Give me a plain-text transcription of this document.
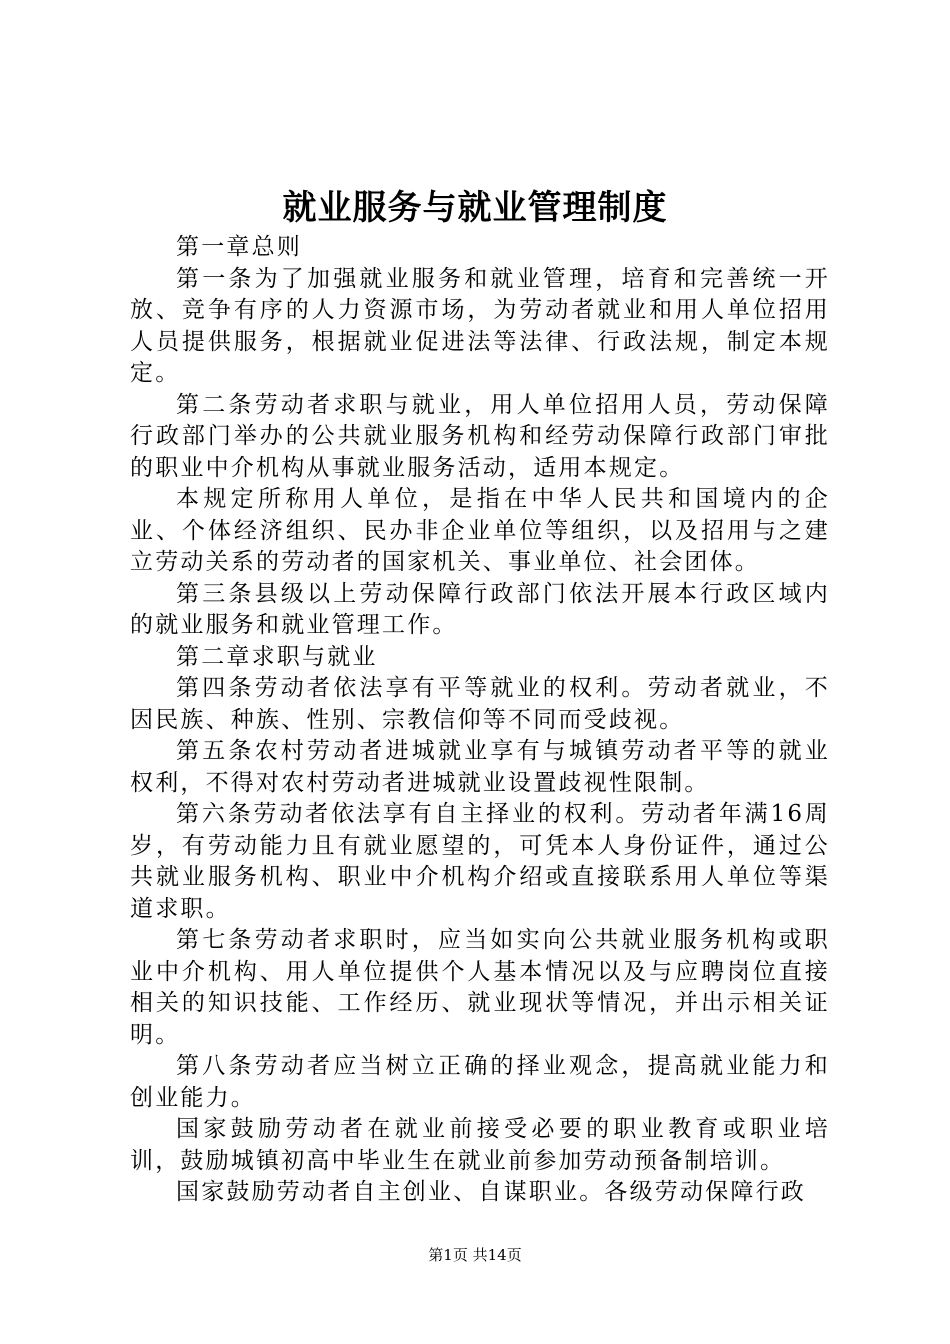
就业服务与就业管理制度

第一章总则

第一条为了加强就业服务和就业管理，培育和完善统一开放、竞争有序的人力资源市场，为劳动者就业和用人单位招用人员提供服务，根据就业促进法等法律、行政法规，制定本规定。

第二条劳动者求职与就业，用人单位招用人员，劳动保障行政部门举办的公共就业服务机构和经劳动保障行政部门审批的职业中介机构从事就业服务活动，适用本规定。

本规定所称用人单位，是指在中华人民共和国境内的企业、个体经济组织、民办非企业单位等组织，以及招用与之建立劳动关系的劳动者的国家机关、事业单位、社会团体。

第三条县级以上劳动保障行政部门依法开展本行政区域内的就业服务和就业管理工作。

第二章求职与就业

第四条劳动者依法享有平等就业的权利。劳动者就业，不因民族、种族、性别、宗教信仰等不同而受歧视。

第五条农村劳动者进城就业享有与城镇劳动者平等的就业权利，不得对农村劳动者进城就业设置歧视性限制。

第六条劳动者依法享有自主择业的权利。劳动者年满16周岁，有劳动能力且有就业愿望的，可凭本人身份证件，通过公共就业服务机构、职业中介机构介绍或直接联系用人单位等渠道求职。

第七条劳动者求职时，应当如实向公共就业服务机构或职业中介机构、用人单位提供个人基本情况以及与应聘岗位直接相关的知识技能、工作经历、就业现状等情况，并出示相关证明。

第八条劳动者应当树立正确的择业观念，提高就业能力和创业能力。

国家鼓励劳动者在就业前接受必要的职业教育或职业培训，鼓励城镇初高中毕业生在就业前参加劳动预备制培训。

国家鼓励劳动者自主创业、自谋职业。各级劳动保障行政

第1页 共14页
